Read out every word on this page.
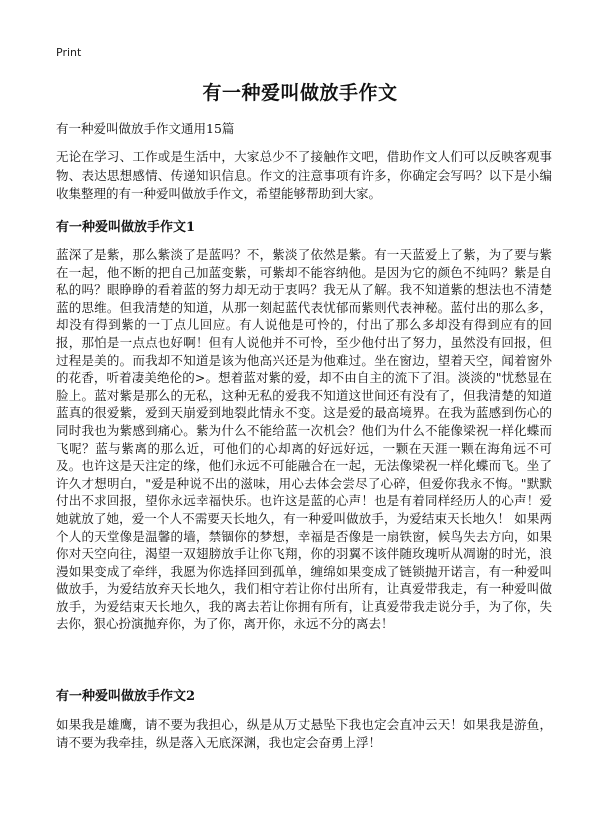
Print
有一种爱叫做放手作文

有一种爱叫做放手作文通用15篇

无论在学习、工作或是生活中，大家总少不了接触作文吧，借助作文人们可以反映客观事物、表达思想感情、传递知识信息。作文的注意事项有许多，你确定会写吗？以下是小编收集整理的有一种爱叫做放手作文，希望能够帮助到大家。

有一种爱叫做放手作文1

蓝深了是紫，那么紫淡了是蓝吗？不，紫淡了依然是紫。有一天蓝爱上了紫，为了要与紫在一起，他不断的把自己加蓝变紫，可紫却不能容纳他。是因为它的颜色不纯吗？紫是自私的吗？眼睁睁的看着蓝的努力却无动于衷吗？我无从了解。我不知道紫的想法也不清楚蓝的思维。但我清楚的知道，从那一刻起蓝代表忧郁而紫则代表神秘。蓝付出的那么多，却没有得到紫的一丁点儿回应。有人说他是可怜的，付出了那么多却没有得到应有的回报，那怕是一点点也好啊！但有人说他并不可怜，至少他付出了努力，虽然没有回报，但过程是美的。而我却不知道是该为他高兴还是为他难过。坐在窗边，望着天空，闻着窗外的花香，听着凄美绝伦的>。想着蓝对紫的爱，却不由自主的流下了泪。淡淡的"忧愁显在脸上。蓝对紫是那么的无私，这种无私的爱我不知道这世间还有没有了，但我清楚的知道蓝真的很爱紫，爱到天崩爱到地裂此情永不变。这是爱的最高境界。在我为蓝感到伤心的同时我也为紫感到痛心。紫为什么不能给蓝一次机会？他们为什么不能像梁祝一样化蝶而飞呢？蓝与紫离的那么近，可他们的心却离的好远好远，一颗在天涯一颗在海角远不可及。也许这是天注定的缘，他们永远不可能融合在一起，无法像梁祝一样化蝶而飞。坐了许久才想明白，"爱是种说不出的滋味，用心去体会尝尽了心碎，但爱你我永不悔。"默默付出不求回报，望你永远幸福快乐。也许这是蓝的心声！也是有着同样经历人的心声！爱她就放了她，爱一个人不需要天长地久，有一种爱叫做放手，为爱结束天长地久！ 如果两个人的天堂像是温馨的墙，禁锢你的梦想，幸福是否像是一扇铁窗，候鸟失去方向，如果你对天空向往，渴望一双翅膀放手让你飞翔，你的羽翼不该伴随玫瑰听从凋谢的时光，浪漫如果变成了牵绊，我愿为你选择回到孤单，缠绵如果变成了链锁抛开诺言，有一种爱叫做放手，为爱结放弃天长地久，我们相守若让你付出所有，让真爱带我走，有一种爱叫做放手，为爱结束天长地久，我的离去若让你拥有所有，让真爱带我走说分手，为了你，失去你，狠心扮演抛弃你，为了你，离开你，永远不分的离去！

有一种爱叫做放手作文2

如果我是雄鹰，请不要为我担心，纵是从万丈悬坠下我也定会直冲云天！如果我是游鱼，请不要为我牵挂，纵是落入无底深渊，我也定会奋勇上浮！
